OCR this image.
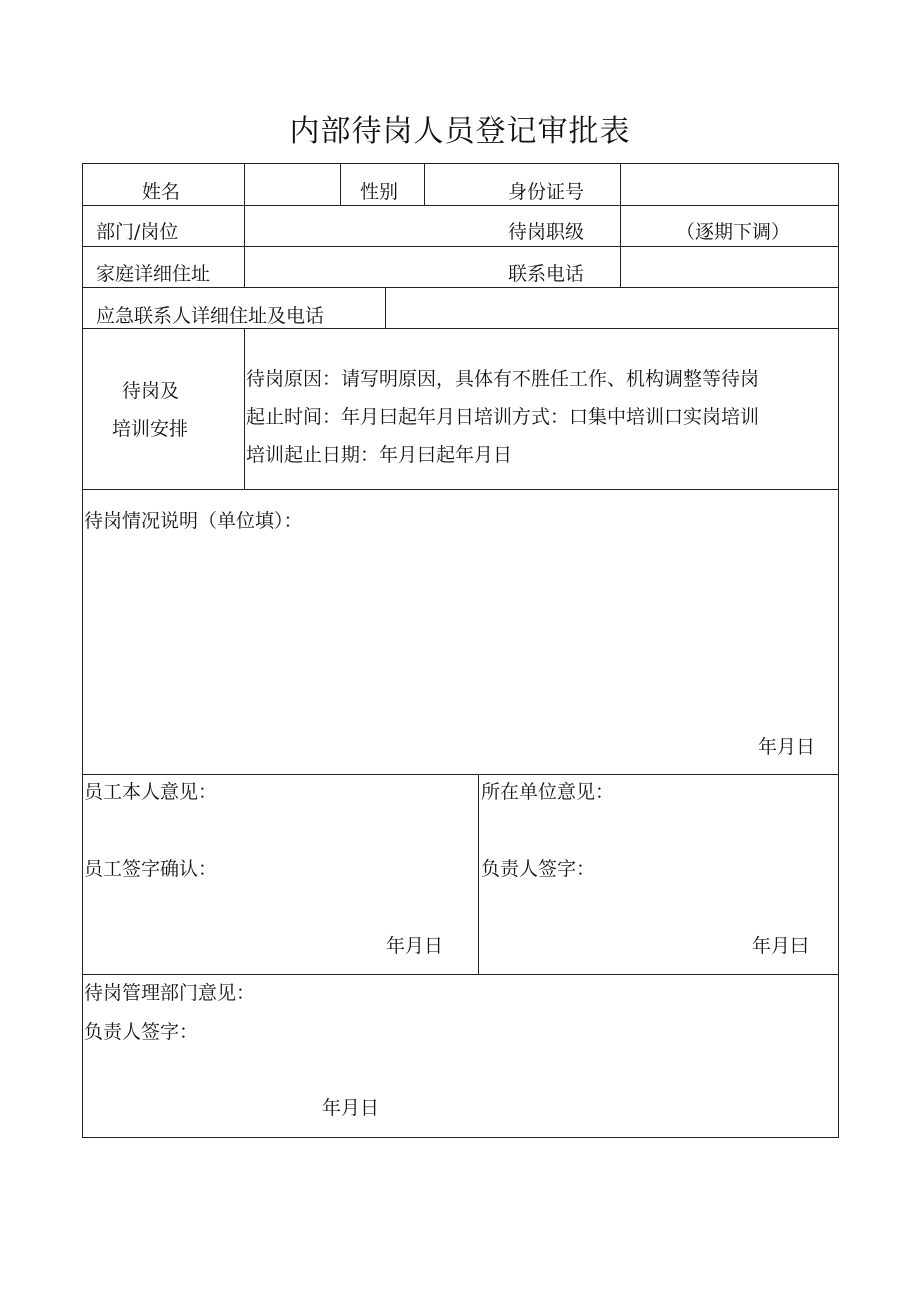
内部待岗人员登记审批表
姓名	性别	身份证号
部门/岗位	待岗职级	（逐期下调）
家庭详细住址	联系电话
应急联系人详细住址及电话
待岗及
培训安排
待岗原因：请写明原因，具体有不胜任工作、机构调整等待岗
起止时间：年月曰起年月日培训方式：口集中培训口实岗培训
培训起止日期：年月曰起年月日
待岗情况说明（单位填）：
年月日
员工本人意见：
员工签字确认：
年月日
所在单位意见：
负责人签字：
年月曰
待岗管理部门意见：
负责人签字：
年月日
